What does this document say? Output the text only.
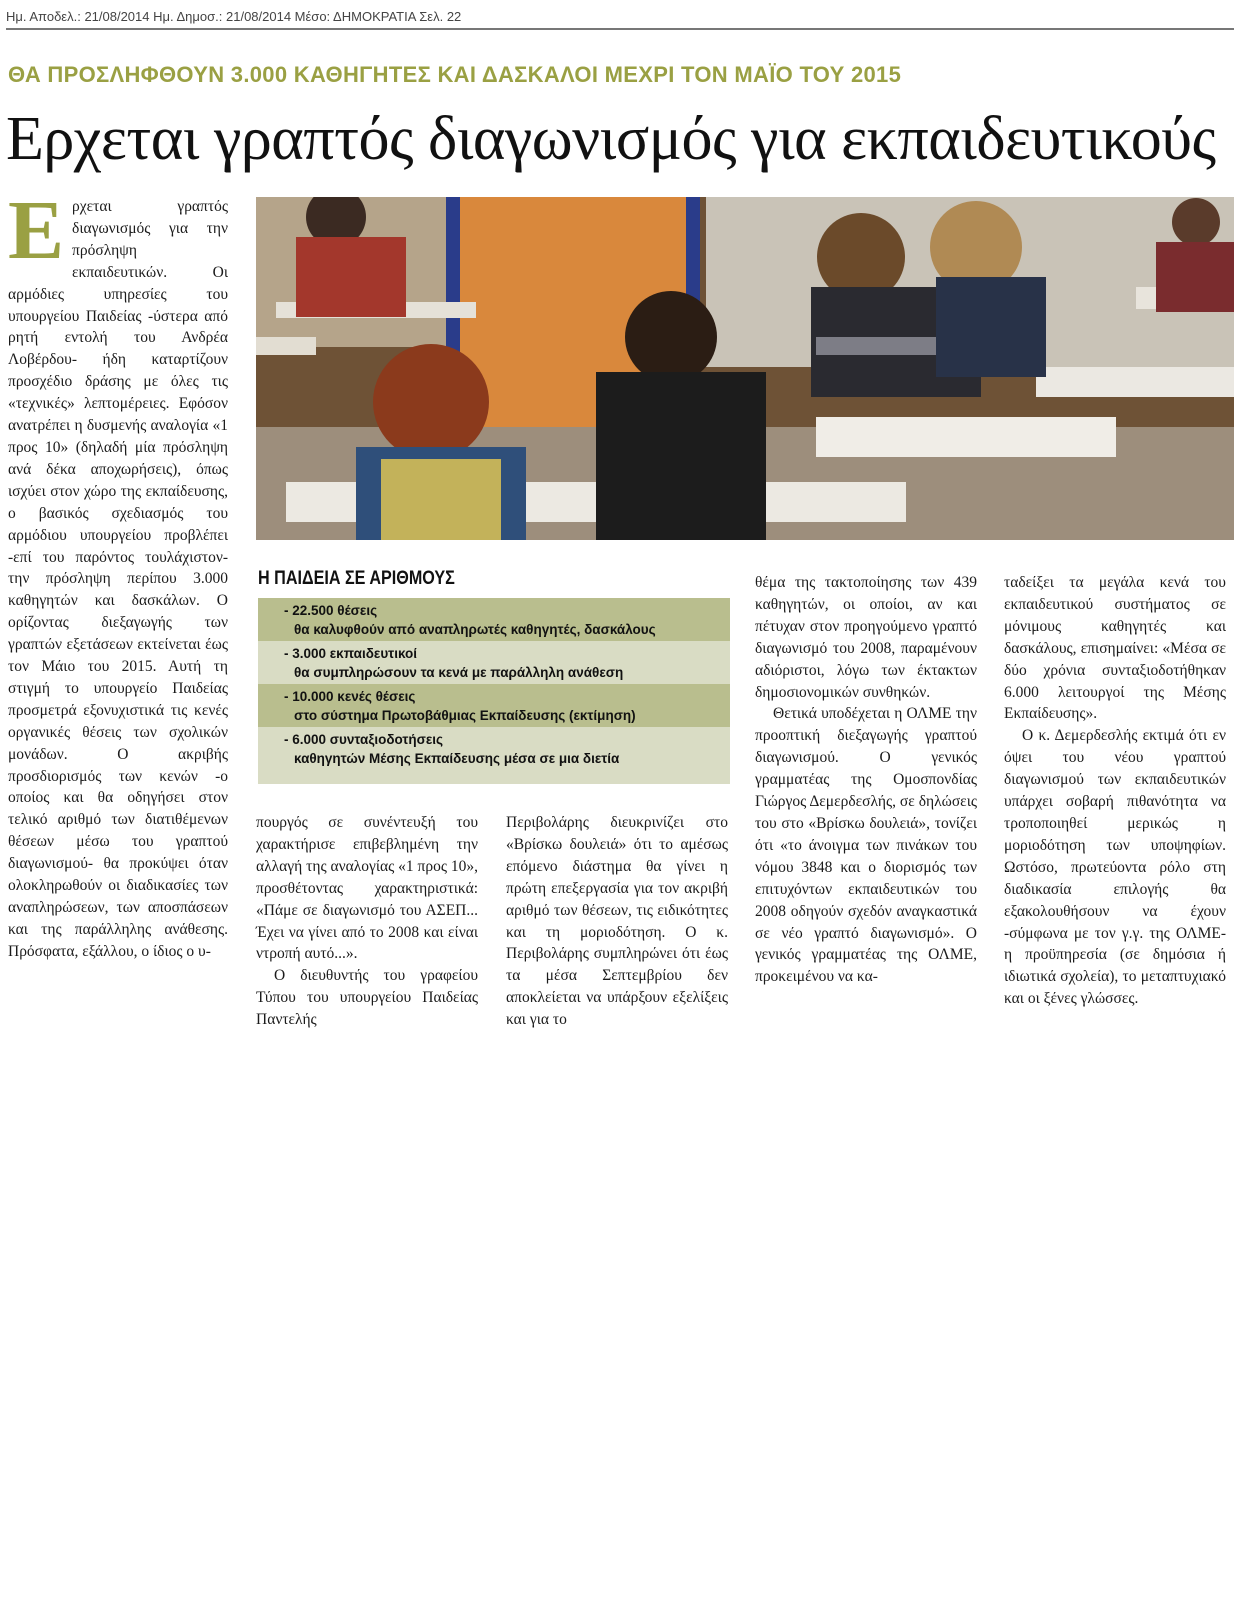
Ημ. Αποδελ.: 21/08/2014 Ημ. Δημοσ.: 21/08/2014 Μέσο: ΔΗΜΟΚΡΑΤΙΑ Σελ. 22
ΘΑ ΠΡΟΣΛΗΦΘΟΥΝ 3.000 ΚΑΘΗΓΗΤΕΣ ΚΑΙ ΔΑΣΚΑΛΟΙ ΜΕΧΡΙ ΤΟΝ ΜΑΪΟ ΤΟΥ 2015
Ερχεται γραπτός διαγωνισμός για εκπαιδευτικούς
Ε ρχεται γραπτός διαγωνισμός για την πρόσληψη εκπαιδευτικών. Οι αρμόδιες υπηρεσίες του υπουργείου Παιδείας -ύστερα από ρητή εντολή του Ανδρέα Λοβέρδου- ήδη καταρτίζουν προσχέδιο δράσης με όλες τις «τεχνικές» λεπτομέρειες. Εφόσον ανατρέπει η δυσμενής αναλογία «1 προς 10» (δηλαδή μία πρόσληψη ανά δέκα αποχωρήσεις), όπως ισχύει στον χώρο της εκπαίδευσης, ο βασικός σχεδιασμός του αρμόδιου υπουργείου προβλέπει -επί του παρόντος τουλάχιστον- την πρόσληψη περίπου 3.000 καθηγητών και δασκάλων. Ο ορίζοντας διεξαγωγής των γραπτών εξετάσεων εκτείνεται έως τον Μάιο του 2015. Αυτή τη στιγμή το υπουργείο Παιδείας προσμετρά εξονυχιστικά τις κενές οργανικές θέσεις των σχολικών μονάδων. Ο ακριβής προσδιορισμός των κενών -ο οποίος και θα οδηγήσει στον τελικό αριθμό των διατιθέμενων θέσεων μέσω του γραπτού διαγωνισμού- θα προκύψει όταν ολοκληρωθούν οι διαδικασίες των αναπληρώσεων, των αποσπάσεων και της παράλληλης ανάθεσης. Πρόσφατα, εξάλλου, ο ίδιος ο υ-

Η ΠΑΙΔΕΙΑ ΣΕ ΑΡΙΘΜΟΥΣ
- 22.500 θέσεις
θα καλυφθούν από αναπληρωτές καθηγητές, δασκάλους
- 3.000 εκπαιδευτικοί
θα συμπληρώσουν τα κενά με παράλληλη ανάθεση
- 10.000 κενές θέσεις
στο σύστημα Πρωτοβάθμιας Εκπαίδευσης (εκτίμηση)
- 6.000 συνταξιοδοτήσεις
καθηγητών Μέσης Εκπαίδευσης μέσα σε μια διετία

πουργός σε συνέντευξή του χαρακτήρισε επιβεβλημένη την αλλαγή της αναλογίας «1 προς 10», προσθέτοντας χαρακτηριστικά: «Πάμε σε διαγωνισμό του ΑΣΕΠ... Έχει να γίνει από το 2008 και είναι ντροπή αυτό...».

Ο διευθυντής του γραφείου Τύπου του υπουργείου Παιδείας Παντελής

Περιβολάρης διευκρινίζει στο «Βρίσκω δουλειά» ότι το αμέσως επόμενο διάστημα θα γίνει η πρώτη επεξεργασία για τον ακριβή αριθμό των θέσεων, τις ειδικότητες και τη μοριοδότηση. Ο κ. Περιβολάρης συμπληρώνει ότι έως τα μέσα Σεπτεμβρίου δεν αποκλείεται να υπάρξουν εξελίξεις και για το

θέμα της τακτοποίησης των 439 καθηγητών, οι οποίοι, αν και πέτυχαν στον προηγούμενο γραπτό διαγωνισμό του 2008, παραμένουν αδιόριστοι, λόγω των έκτακτων δημοσιονομικών συνθηκών.

Θετικά υποδέχεται η ΟΛΜΕ την προοπτική διεξαγωγής γραπτού διαγωνισμού. Ο γενικός γραμματέας της Ομοσπονδίας Γιώργος Δεμερδεσλής, σε δηλώσεις του στο «Βρίσκω δουλειά», τονίζει ότι «το άνοιγμα των πινάκων του νόμου 3848 και ο διορισμός των επιτυχόντων εκπαιδευτικών του 2008 οδηγούν σχεδόν αναγκαστικά σε νέο γραπτό διαγωνισμό». Ο γενικός γραμματέας της ΟΛΜΕ, προκειμένου να κα-

ταδείξει τα μεγάλα κενά του εκπαιδευτικού συστήματος σε μόνιμους καθηγητές και δασκάλους, επισημαίνει: «Μέσα σε δύο χρόνια συνταξιοδοτήθηκαν 6.000 λειτουργοί της Μέσης Εκπαίδευσης».

Ο κ. Δεμερδεσλής εκτιμά ότι εν όψει του νέου γραπτού διαγωνισμού των εκπαιδευτικών υπάρχει σοβαρή πιθανότητα να τροποποιηθεί μερικώς η μοριοδότηση των υποψηφίων. Ωστόσο, πρωτεύοντα ρόλο στη διαδικασία επιλογής θα εξακολουθήσουν να έχουν -σύμφωνα με τον γ.γ. της ΟΛΜΕ- η προϋπηρεσία (σε δημόσια ή ιδιωτικά σχολεία), το μεταπτυχιακό και οι ξένες γλώσσες.
